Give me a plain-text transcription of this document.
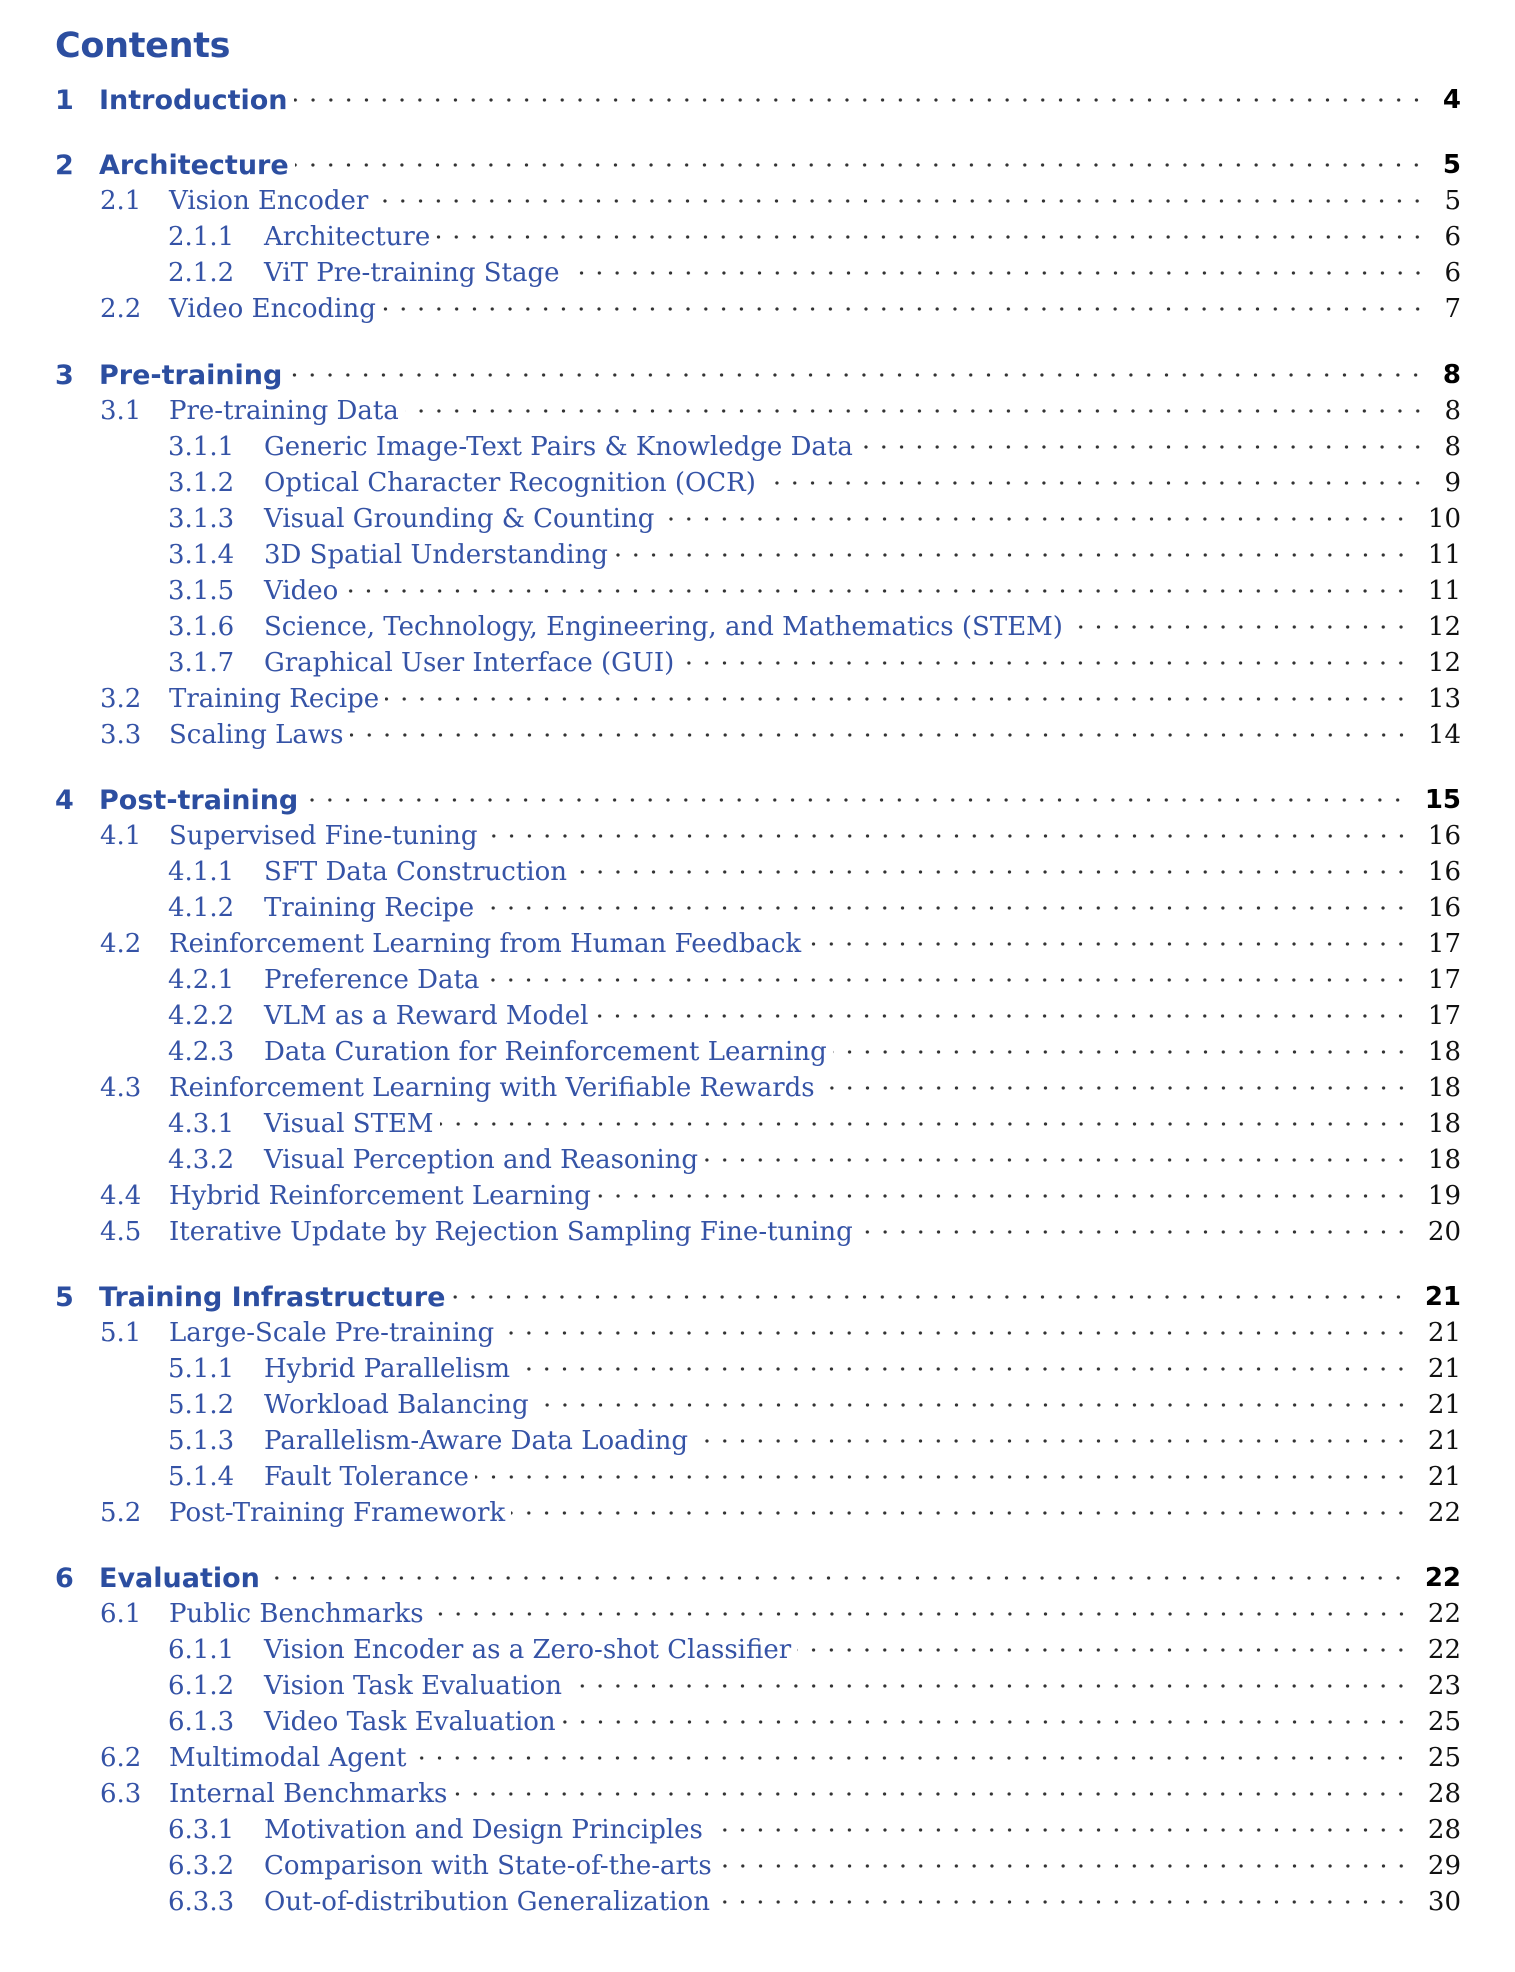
Contents
1 Introduction	4
2 Architecture	5
2.1	Vision Encoder	5
2.1.1	Architecture	6
2.1.2	ViT Pre-training Stage	6
2.2	Video Encoding	7
3 Pre-training	8
3.1	Pre-training Data	8
3.1.1	Generic Image-Text Pairs & Knowledge Data	8
3.1.2	Optical Character Recognition (OCR)	9
3.1.3	Visual Grounding & Counting	10
3.1.4	3D Spatial Understanding	11
3.1.5	Video	11
3.1.6	Science, Technology, Engineering, and Mathematics (STEM)	12
3.1.7	Graphical User Interface (GUI)	12
3.2	Training Recipe	13
3.3	Scaling Laws	14
4 Post-training	15
4.1	Supervised Fine-tuning	16
4.1.1	SFT Data Construction	16
4.1.2	Training Recipe	16
4.2	Reinforcement Learning from Human Feedback	17
4.2.1	Preference Data	17
4.2.2	VLM as a Reward Model	17
4.2.3	Data Curation for Reinforcement Learning	18
4.3	Reinforcement Learning with Verifiable Rewards	18
4.3.1	Visual STEM	18
4.3.2	Visual Perception and Reasoning	18
4.4	Hybrid Reinforcement Learning	19
4.5	Iterative Update by Rejection Sampling Fine-tuning	20
5 Training Infrastructure	21
5.1	Large-Scale Pre-training	21
5.1.1	Hybrid Parallelism	21
5.1.2	Workload Balancing	21
5.1.3	Parallelism-Aware Data Loading	21
5.1.4	Fault Tolerance	21
5.2	Post-Training Framework	22
6 Evaluation	22
6.1	Public Benchmarks	22
6.1.1	Vision Encoder as a Zero-shot Classifier	22
6.1.2	Vision Task Evaluation	23
6.1.3	Video Task Evaluation	25
6.2	Multimodal Agent	25
6.3	Internal Benchmarks	28
6.3.1	Motivation and Design Principles	28
6.3.2	Comparison with State-of-the-arts	29
6.3.3	Out-of-distribution Generalization	30
